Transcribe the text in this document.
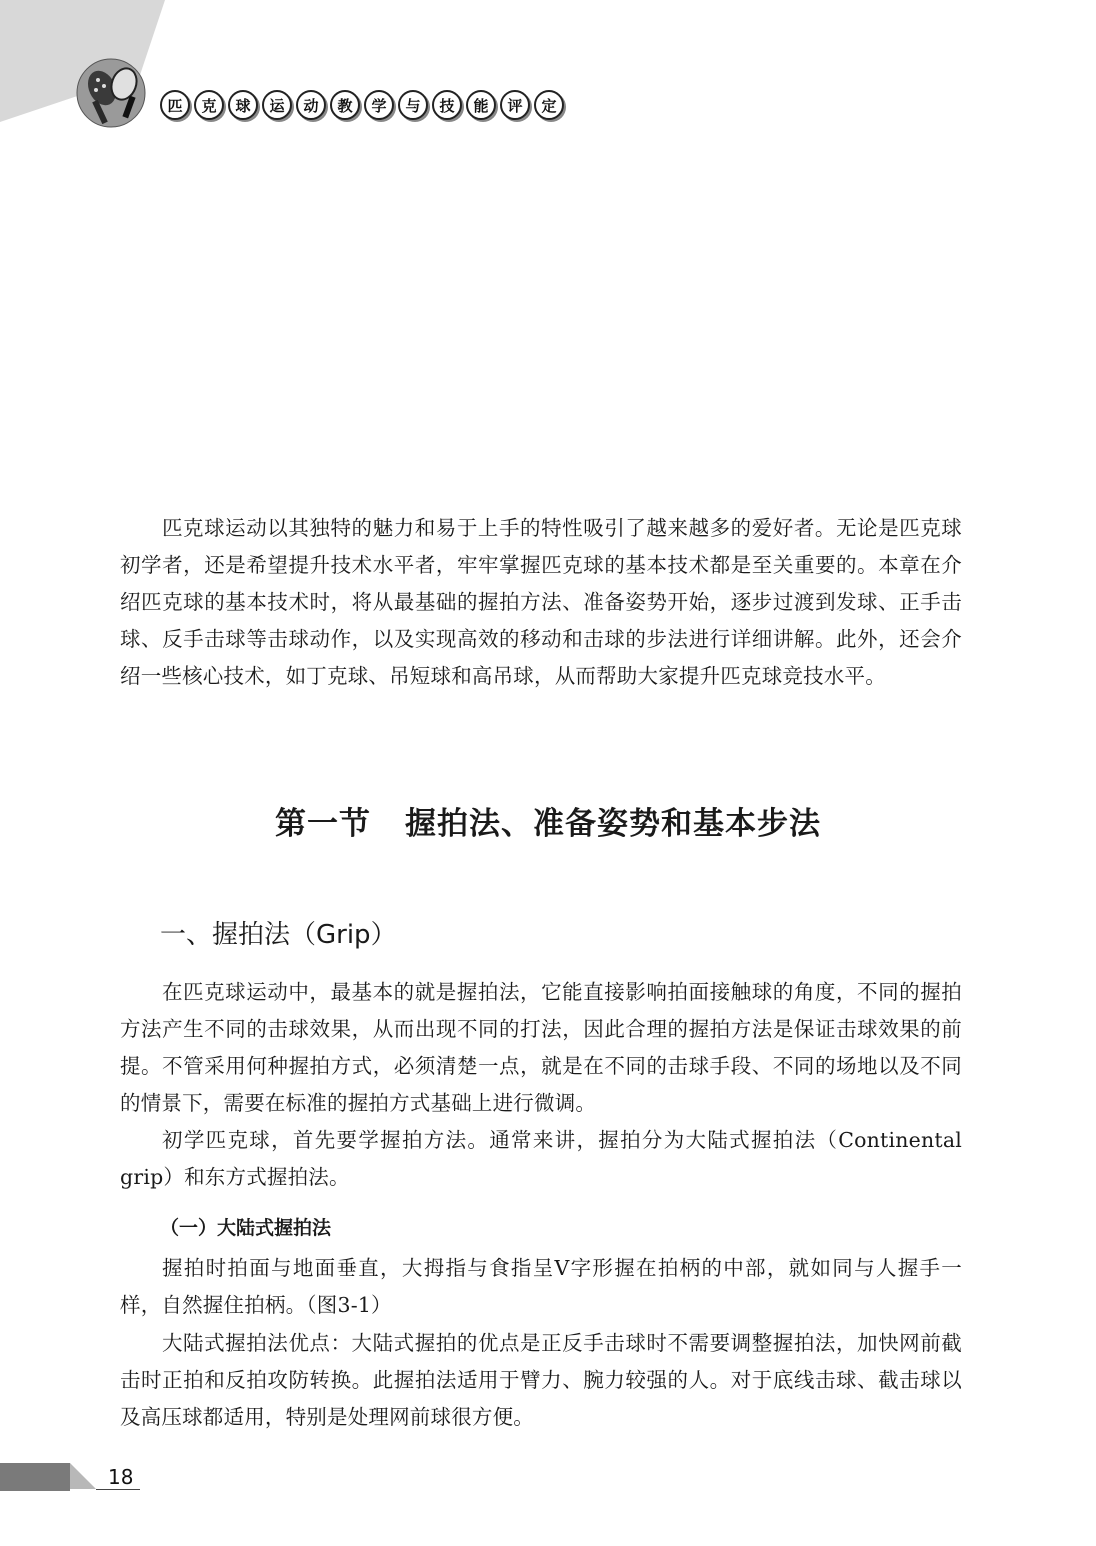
匹	克	球	运	动	教	学	与	技	能	评	定

匹克球运动以其独特的魅力和易于上手的特性吸引了越来越多的爱好者。无论是匹克球初学者，还是希望提升技术水平者，牢牢掌握匹克球的基本技术都是至关重要的。本章在介绍匹克球的基本技术时，将从最基础的握拍方法、准备姿势开始，逐步过渡到发球、正手击球、反手击球等击球动作，以及实现高效的移动和击球的步法进行详细讲解。此外，还会介绍一些核心技术，如丁克球、吊短球和高吊球，从而帮助大家提升匹克球竞技水平。

第一节 握拍法、准备姿势和基本步法
一、握拍法（Grip）

在匹克球运动中，最基本的就是握拍法，它能直接影响拍面接触球的角度，不同的握拍方法产生不同的击球效果，从而出现不同的打法，因此合理的握拍方法是保证击球效果的前提。不管采用何种握拍方式，必须清楚一点，就是在不同的击球手段、不同的场地以及不同的情景下，需要在标准的握拍方式基础上进行微调。

初学匹克球，首先要学握拍方法。通常来讲，握拍分为大陆式握拍法（Continental grip）和东方式握拍法。

（一）大陆式握拍法

握拍时拍面与地面垂直，大拇指与食指呈V字形握在拍柄的中部，就如同与人握手一样，自然握住拍柄。（图3-1）

大陆式握拍法优点：大陆式握拍的优点是正反手击球时不需要调整握拍法，加快网前截击时正拍和反拍攻防转换。此握拍法适用于臂力、腕力较强的人。对于底线击球、截击球以及高压球都适用，特别是处理网前球很方便。

18
